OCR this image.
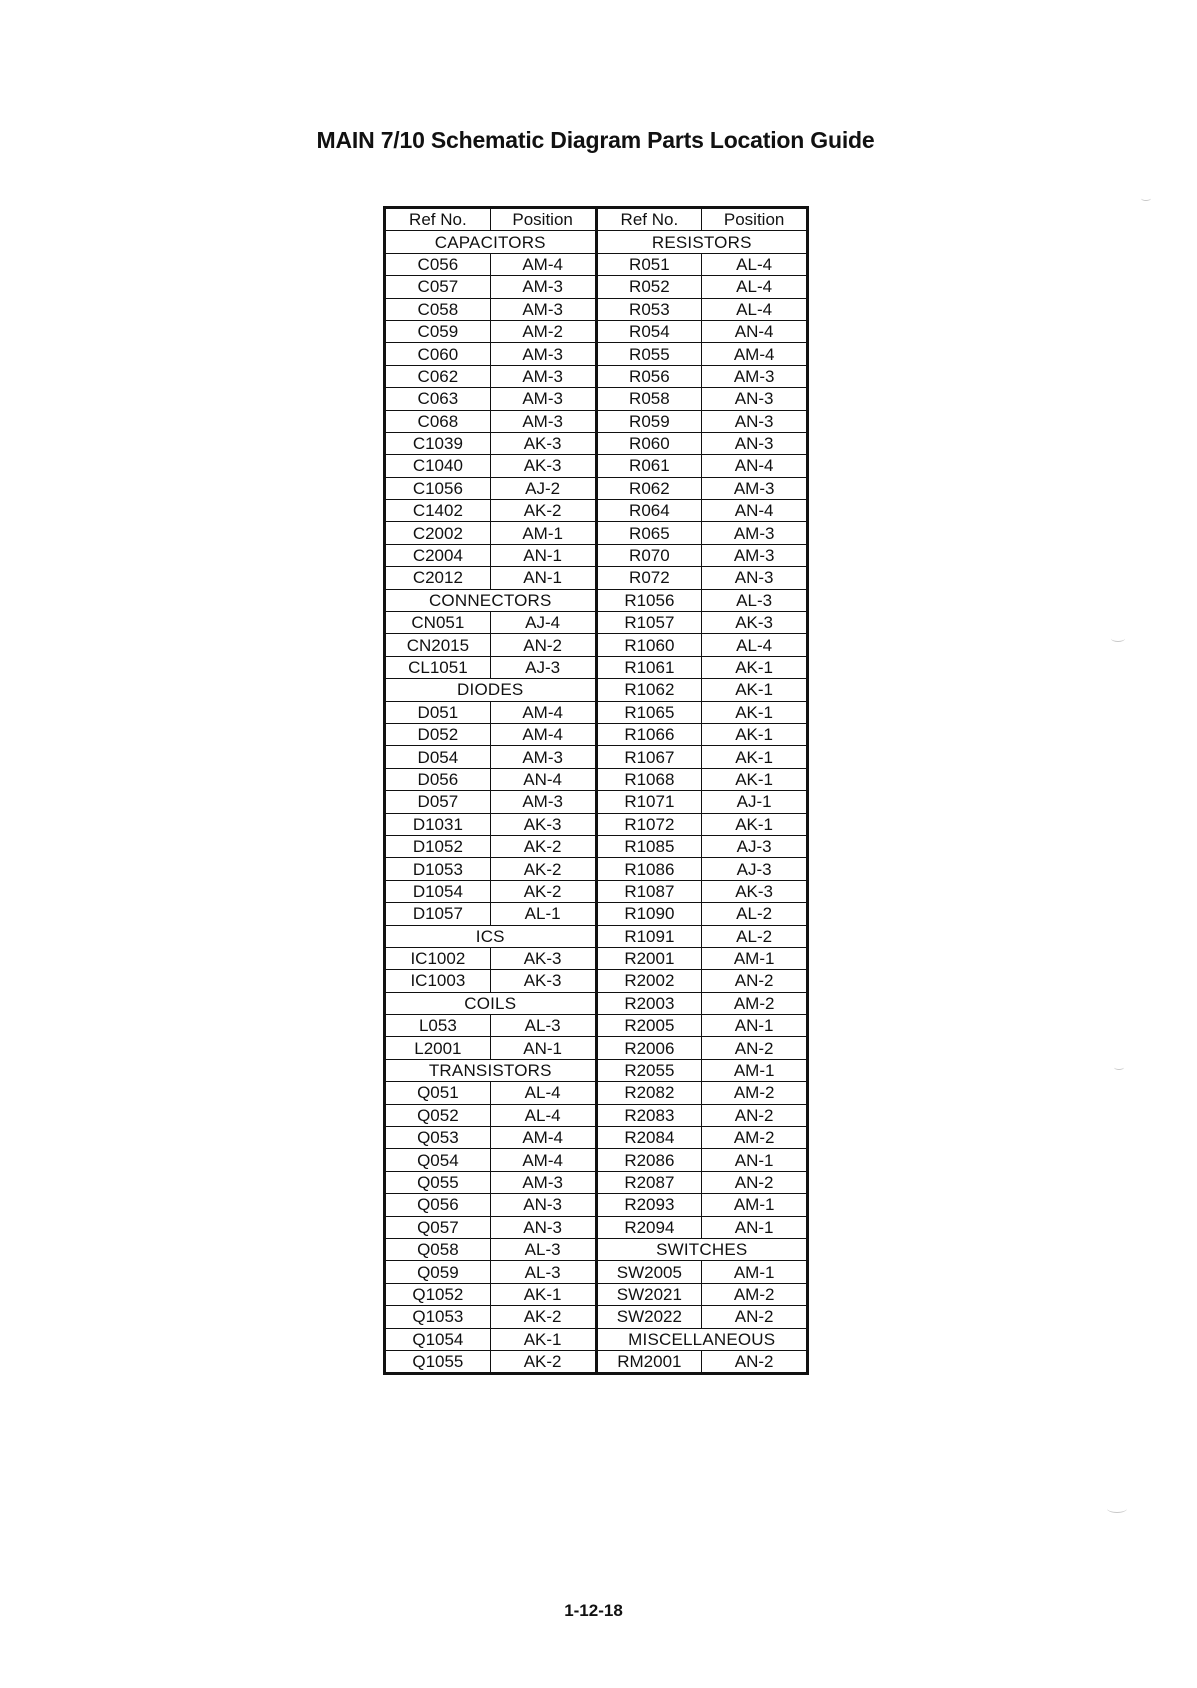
MAIN 7/10 Schematic Diagram Parts Location Guide
Ref No.	Position	Ref No.	Position
CAPACITORS		RESISTORS	
C056	AM-4	R051	AL-4
C057	AM-3	R052	AL-4
C058	AM-3	R053	AL-4
C059	AM-2	R054	AN-4
C060	AM-3	R055	AM-4
C062	AM-3	R056	AM-3
C063	AM-3	R058	AN-3
C068	AM-3	R059	AN-3
C1039	AK-3	R060	AN-3
C1040	AK-3	R061	AN-4
C1056	AJ-2	R062	AM-3
C1402	AK-2	R064	AN-4
C2002	AM-1	R065	AM-3
C2004	AN-1	R070	AM-3
C2012	AN-1	R072	AN-3
CONNECTORS		R1056	AL-3
CN051	AJ-4	R1057	AK-3
CN2015	AN-2	R1060	AL-4
CL1051	AJ-3	R1061	AK-1
DIODES		R1062	AK-1
D051	AM-4	R1065	AK-1
D052	AM-4	R1066	AK-1
D054	AM-3	R1067	AK-1
D056	AN-4	R1068	AK-1
D057	AM-3	R1071	AJ-1
D1031	AK-3	R1072	AK-1
D1052	AK-2	R1085	AJ-3
D1053	AK-2	R1086	AJ-3
D1054	AK-2	R1087	AK-3
D1057	AL-1	R1090	AL-2
ICS		R1091	AL-2
IC1002	AK-3	R2001	AM-1
IC1003	AK-3	R2002	AN-2
COILS		R2003	AM-2
L053	AL-3	R2005	AN-1
L2001	AN-1	R2006	AN-2
TRANSISTORS		R2055	AM-1
Q051	AL-4	R2082	AM-2
Q052	AL-4	R2083	AN-2
Q053	AM-4	R2084	AM-2
Q054	AM-4	R2086	AN-1
Q055	AM-3	R2087	AN-2
Q056	AN-3	R2093	AM-1
Q057	AN-3	R2094	AN-1
Q058	AL-3	SWITCHES	
Q059	AL-3	SW2005	AM-1
Q1052	AK-1	SW2021	AM-2
Q1053	AK-2	SW2022	AN-2
Q1054	AK-1	MISCELLANEOUS	
Q1055	AK-2	RM2001	AN-2
1-12-18
